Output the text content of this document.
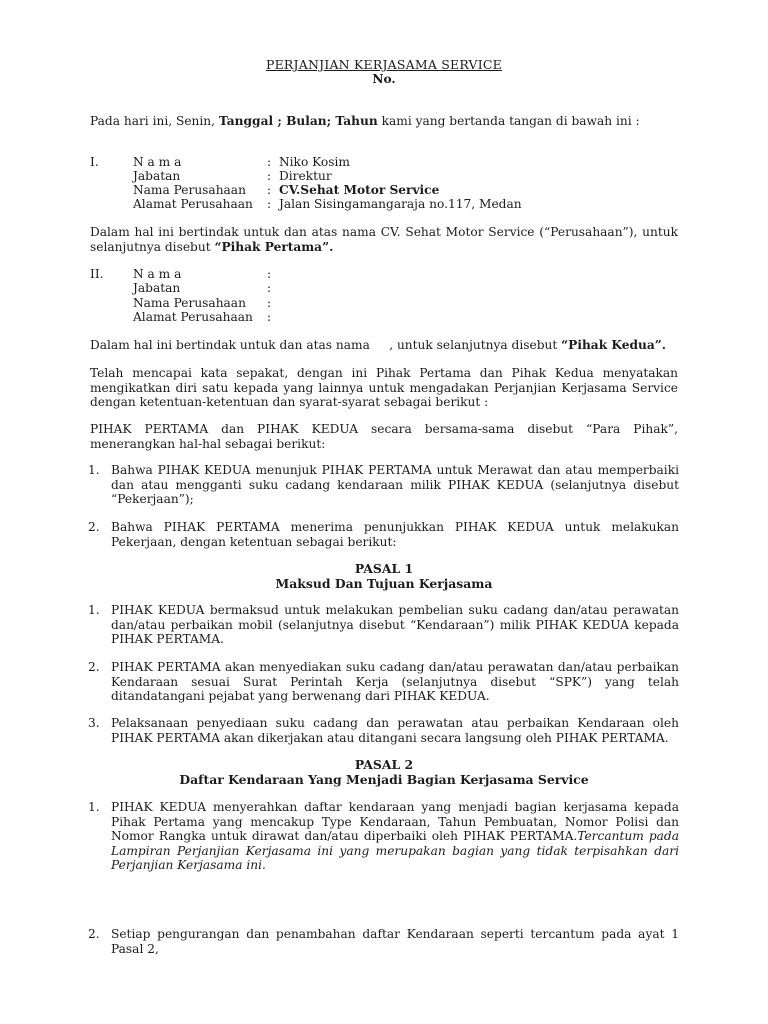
PERJANJIAN KERJASAMA SERVICE
No.
Pada hari ini, Senin, Tanggal ; Bulan; Tahun kami yang bertanda tangan di bawah ini :
I.	N a m a	: Niko Kosim
Jabatan	: Direktur
Nama Perusahaan : CV.Sehat Motor Service
Alamat Perusahaan : Jalan Sisingamangaraja no.117, Medan
Dalam hal ini bertindak untuk dan atas nama CV. Sehat Motor Service (“Perusahaan”), untuk selanjutnya disebut “Pihak Pertama”.
II. N a m a	:
Jabatan	:
Nama Perusahaan :
Alamat Perusahaan :
Dalam hal ini bertindak untuk dan atas nama     , untuk selanjutnya disebut “Pihak Kedua”.
Telah mencapai kata sepakat, dengan ini Pihak Pertama dan Pihak Kedua menyatakan mengikatkan diri satu kepada yang lainnya untuk mengadakan Perjanjian Kerjasama Service dengan ketentuan-ketentuan dan syarat-syarat sebagai berikut :
PIHAK PERTAMA dan PIHAK KEDUA secara bersama-sama disebut “Para Pihak”, menerangkan hal-hal sebagai berikut:
1. Bahwa PIHAK KEDUA menunjuk PIHAK PERTAMA untuk Merawat dan atau memperbaiki dan atau mengganti suku cadang kendaraan milik PIHAK KEDUA (selanjutnya disebut “Pekerjaan”);
2. Bahwa PIHAK PERTAMA menerima penunjukkan PIHAK KEDUA untuk melakukan Pekerjaan, dengan ketentuan sebagai berikut:
PASAL 1
Maksud Dan Tujuan Kerjasama
1. PIHAK KEDUA bermaksud untuk melakukan pembelian suku cadang dan/atau perawatan dan/atau perbaikan mobil (selanjutnya disebut “Kendaraan”) milik PIHAK KEDUA kepada PIHAK PERTAMA.
2. PIHAK PERTAMA akan menyediakan suku cadang dan/atau perawatan dan/atau perbaikan Kendaraan sesuai Surat Perintah Kerja (selanjutnya disebut “SPK”) yang telah ditandatangani pejabat yang berwenang dari PIHAK KEDUA.
3. Pelaksanaan penyediaan suku cadang dan perawatan atau perbaikan Kendaraan oleh PIHAK PERTAMA akan dikerjakan atau ditangani secara langsung oleh PIHAK PERTAMA.
PASAL 2
Daftar Kendaraan Yang Menjadi Bagian Kerjasama Service
1. PIHAK KEDUA menyerahkan daftar kendaraan yang menjadi bagian kerjasama kepada Pihak Pertama yang mencakup Type Kendaraan, Tahun Pembuatan, Nomor Polisi dan Nomor Rangka untuk dirawat dan/atau diperbaiki oleh PIHAK PERTAMA.Tercantum pada Lampiran Perjanjian Kerjasama ini yang merupakan bagian yang tidak terpisahkan dari Perjanjian Kerjasama ini.
2. Setiap pengurangan dan penambahan daftar Kendaraan seperti tercantum pada ayat 1 Pasal 2,
